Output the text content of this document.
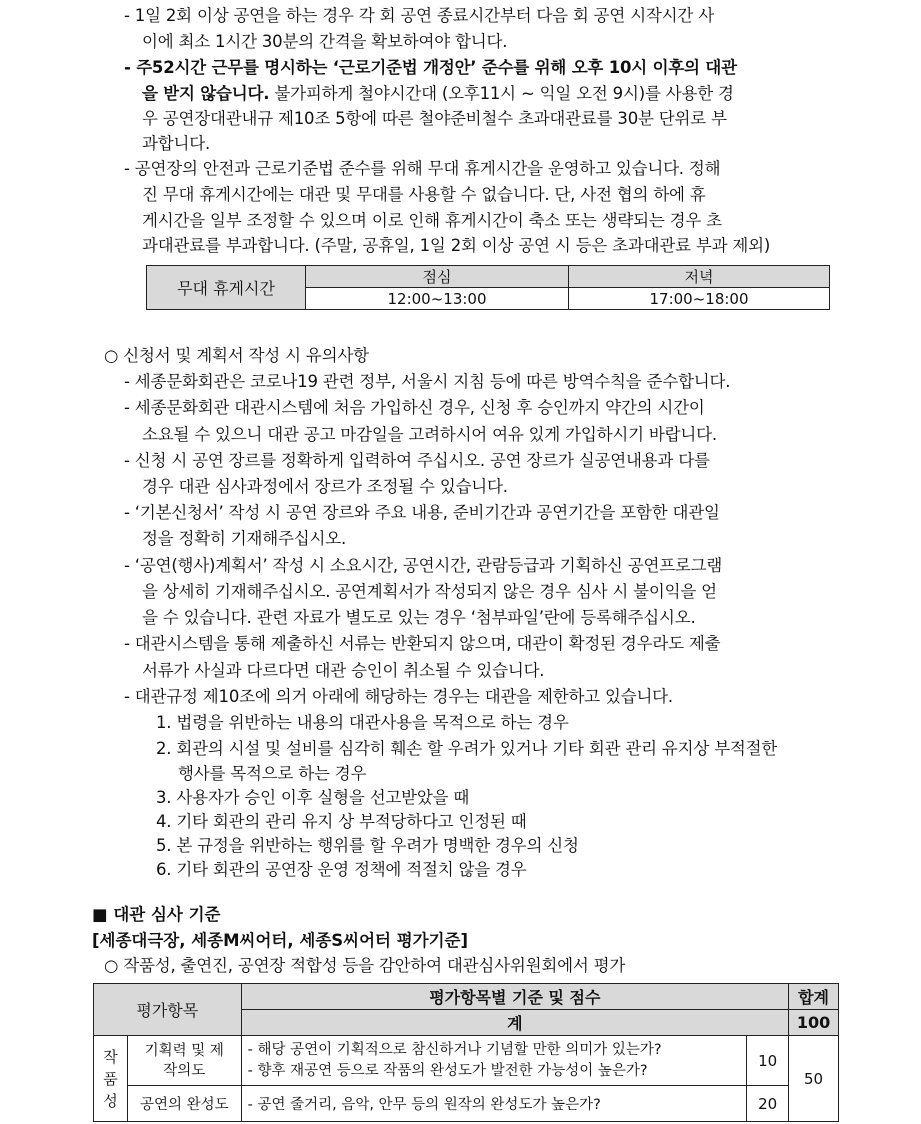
- 1일 2회 이상 공연을 하는 경우 각 회 공연 종료시간부터 다음 회 공연 시작시간 사
이에 최소 1시간 30분의 간격을 확보하여야 합니다.
- 주52시간 근무를 명시하는 ‘근로기준법 개정안’ 준수를 위해 오후 10시 이후의 대관
을 받지 않습니다. 불가피하게 철야시간대 (오후11시 ~ 익일 오전 9시)를 사용한 경
우 공연장대관내규 제10조 5항에 따른 철야준비철수 초과대관료를 30분 단위로 부
과합니다.
- 공연장의 안전과 근로기준법 준수를 위해 무대 휴게시간을 운영하고 있습니다. 정해
진 무대 휴게시간에는 대관 및 무대를 사용할 수 없습니다. 단, 사전 협의 하에 휴
게시간을 일부 조정할 수 있으며 이로 인해 휴게시간이 축소 또는 생략되는 경우 초
과대관료를 부과합니다. (주말, 공휴일, 1일 2회 이상 공연 시 등은 초과대관료 부과 제외)
무대 휴게시간	점심	저녁
	12:00~13:00	17:00~18:00
○ 신청서 및 계획서 작성 시 유의사항
- 세종문화회관은 코로나19 관련 정부, 서울시 지침 등에 따른 방역수칙을 준수합니다.
- 세종문화회관 대관시스템에 처음 가입하신 경우, 신청 후 승인까지 약간의 시간이
소요될 수 있으니 대관 공고 마감일을 고려하시어 여유 있게 가입하시기 바랍니다.
- 신청 시 공연 장르를 정확하게 입력하여 주십시오. 공연 장르가 실공연내용과 다를
경우 대관 심사과정에서 장르가 조정될 수 있습니다.
- ‘기본신청서’ 작성 시 공연 장르와 주요 내용, 준비기간과 공연기간을 포함한 대관일
정을 정확히 기재해주십시오.
- ‘공연(행사)계획서’ 작성 시 소요시간, 공연시간, 관람등급과 기획하신 공연프로그램
을 상세히 기재해주십시오. 공연계획서가 작성되지 않은 경우 심사 시 불이익을 얻
을 수 있습니다. 관련 자료가 별도로 있는 경우 ‘첨부파일’란에 등록해주십시오.
- 대관시스템을 통해 제출하신 서류는 반환되지 않으며, 대관이 확정된 경우라도 제출
서류가 사실과 다르다면 대관 승인이 취소될 수 있습니다.
- 대관규정 제10조에 의거 아래에 해당하는 경우는 대관을 제한하고 있습니다.
1. 법령을 위반하는 내용의 대관사용을 목적으로 하는 경우
2. 회관의 시설 및 설비를 심각히 훼손 할 우려가 있거나 기타 회관 관리 유지상 부적절한
행사를 목적으로 하는 경우
3. 사용자가 승인 이후 실형을 선고받았을 때
4. 기타 회관의 관리 유지 상 부적당하다고 인정된 때
5. 본 규정을 위반하는 행위를 할 우려가 명백한 경우의 신청
6. 기타 회관의 공연장 운영 정책에 적절치 않을 경우
■ 대관 심사 기준
[세종대극장, 세종M씨어터, 세종S씨어터 평가기준]
○ 작품성, 출연진, 공연장 적합성 등을 감안하여 대관심사위원회에서 평가
평가항목		평가항목별 기준 및 점수		합계
		계		100
작품성	기획력 및 제작의도	- 해당 공연이 기획적으로 참신하거나 기념할 만한 의미가 있는가?
- 향후 재공연 등으로 작품의 완성도가 발전한 가능성이 높은가?	10	50
	공연의 완성도	- 공연 줄거리, 음악, 안무 등의 원작의 완성도가 높은가?	20	
